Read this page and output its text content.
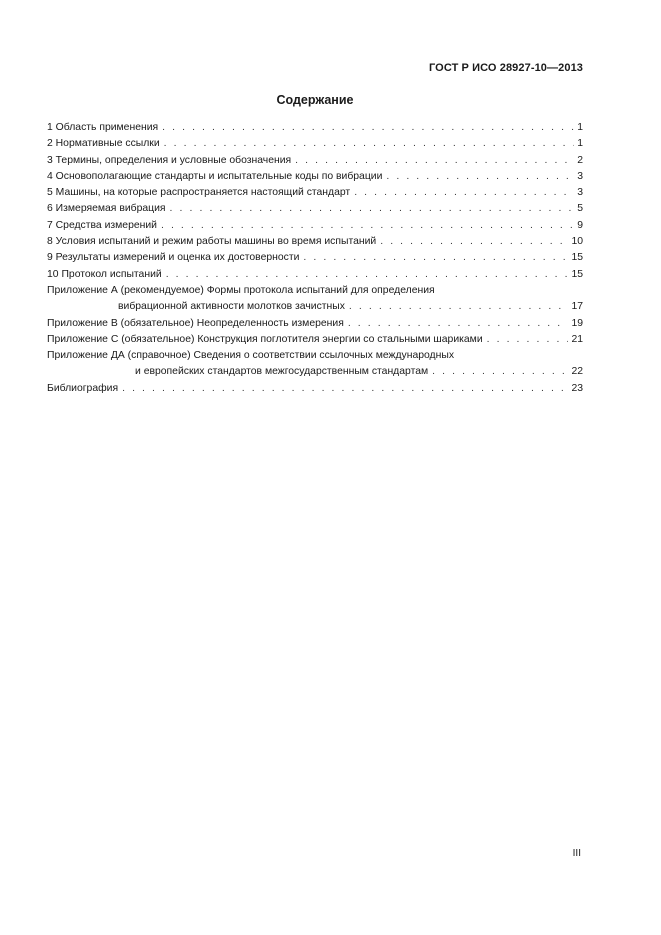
ГОСТ Р ИСО 28927-10—2013
Содержание
1 Область применения . . .	1
2 Нормативные ссылки . . .	1
3 Термины, определения и условные обозначения . . .	2
4 Основополагающие стандарты и испытательные коды по вибрации . . .	3
5 Машины, на которые распространяется настоящий стандарт . . .	3
6 Измеряемая вибрация . . .	5
7 Средства измерений . . .	9
8 Условия испытаний и режим работы машины во время испытаний . . .	10
9 Результаты измерений и оценка их достоверности . . .	15
10 Протокол испытаний . . .	15
Приложение А (рекомендуемое) Формы протокола испытаний для определения
вибрационной активности молотков зачистных . . .	17
Приложение В (обязательное) Неопределенность измерения . . .	19
Приложение С (обязательное) Конструкция поглотителя энергии со стальными шариками . . .	21
Приложение ДА (справочное) Сведения о соответствии ссылочных международных
и европейских стандартов межгосударственным стандартам . . .	22
Библиография . . .	23
III
